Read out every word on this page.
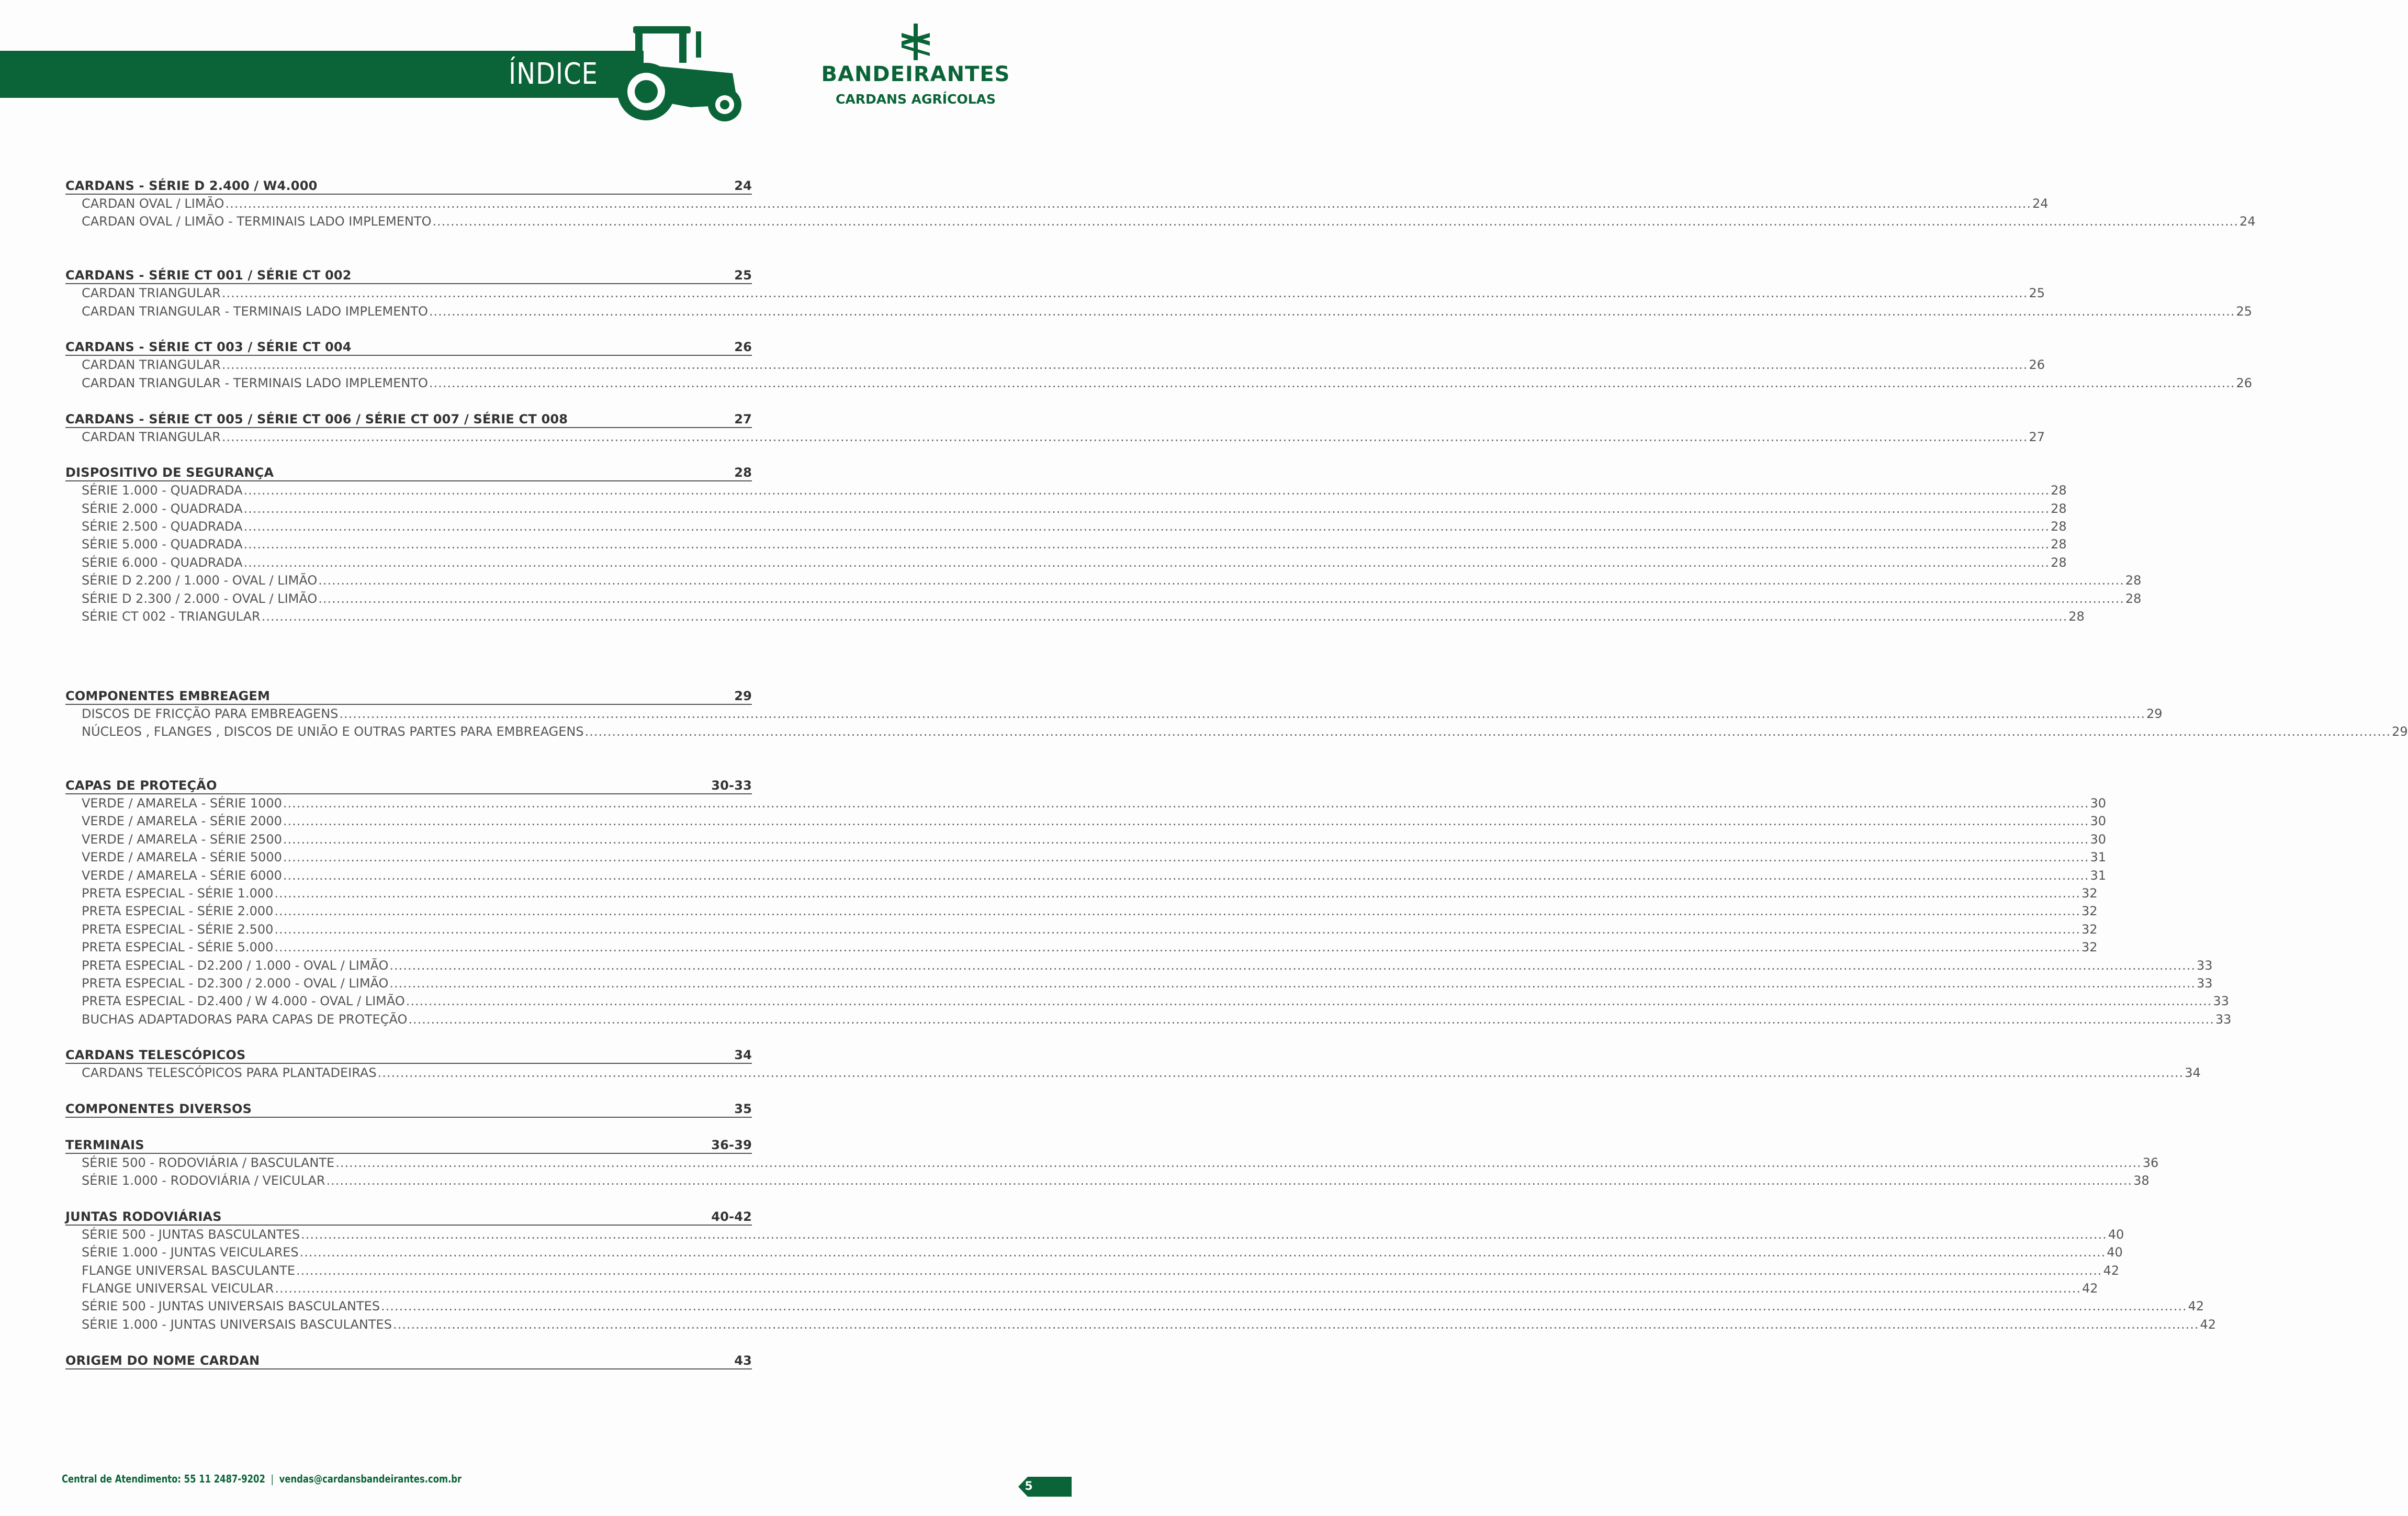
ÍNDICE	BANDEIRANTES
CARDANS AGRÍCOLAS
CARDANS - SÉRIE D 2.400 / W4.000	24
CARDAN OVAL / LIMÃO ................................................................................................................................................................................................................................................................................................................................................................................................................ 24
CARDAN OVAL / LIMÃO - TERMINAIS LADO IMPLEMENTO ................................................................................................................................................................................................................................................................................................................................................................................................................ 24
CARDANS - SÉRIE CT 001 / SÉRIE CT 002	25
CARDAN TRIANGULAR ................................................................................................................................................................................................................................................................................................................................................................................................................ 25
CARDAN TRIANGULAR - TERMINAIS LADO IMPLEMENTO ................................................................................................................................................................................................................................................................................................................................................................................................................ 25
CARDANS - SÉRIE CT 003 / SÉRIE CT 004	26
CARDAN TRIANGULAR ................................................................................................................................................................................................................................................................................................................................................................................................................ 26
CARDAN TRIANGULAR - TERMINAIS LADO IMPLEMENTO ................................................................................................................................................................................................................................................................................................................................................................................................................ 26
CARDANS - SÉRIE CT 005 / SÉRIE CT 006 / SÉRIE CT 007 / SÉRIE CT 008	27
CARDAN TRIANGULAR ................................................................................................................................................................................................................................................................................................................................................................................................................ 27
DISPOSITIVO DE SEGURANÇA	28
SÉRIE 1.000 - QUADRADA ................................................................................................................................................................................................................................................................................................................................................................................................................ 28
SÉRIE 2.000 - QUADRADA ................................................................................................................................................................................................................................................................................................................................................................................................................ 28
SÉRIE 2.500 - QUADRADA ................................................................................................................................................................................................................................................................................................................................................................................................................ 28
SÉRIE 5.000 - QUADRADA ................................................................................................................................................................................................................................................................................................................................................................................................................ 28
SÉRIE 6.000 - QUADRADA ................................................................................................................................................................................................................................................................................................................................................................................................................ 28
SÉRIE D 2.200 / 1.000 - OVAL / LIMÃO ................................................................................................................................................................................................................................................................................................................................................................................................................ 28
SÉRIE D 2.300 / 2.000 - OVAL / LIMÃO ................................................................................................................................................................................................................................................................................................................................................................................................................ 28
SÉRIE CT 002 - TRIANGULAR ................................................................................................................................................................................................................................................................................................................................................................................................................ 28
COMPONENTES EMBREAGEM	29
DISCOS DE FRICÇÃO PARA EMBREAGENS ................................................................................................................................................................................................................................................................................................................................................................................................................ 29
NÚCLEOS , FLANGES , DISCOS DE UNIÃO E OUTRAS PARTES PARA EMBREAGENS ................................................................................................................................................................................................................................................................................................................................................................................................................ 29
CAPAS DE PROTEÇÃO	30-33
VERDE / AMARELA - SÉRIE 1000 ................................................................................................................................................................................................................................................................................................................................................................................................................ 30
VERDE / AMARELA - SÉRIE 2000 ................................................................................................................................................................................................................................................................................................................................................................................................................ 30
VERDE / AMARELA - SÉRIE 2500 ................................................................................................................................................................................................................................................................................................................................................................................................................ 30
VERDE / AMARELA - SÉRIE 5000 ................................................................................................................................................................................................................................................................................................................................................................................................................ 31
VERDE / AMARELA - SÉRIE 6000 ................................................................................................................................................................................................................................................................................................................................................................................................................ 31
PRETA ESPECIAL - SÉRIE 1.000 ................................................................................................................................................................................................................................................................................................................................................................................................................ 32
PRETA ESPECIAL - SÉRIE 2.000 ................................................................................................................................................................................................................................................................................................................................................................................................................ 32
PRETA ESPECIAL - SÉRIE 2.500 ................................................................................................................................................................................................................................................................................................................................................................................................................ 32
PRETA ESPECIAL - SÉRIE 5.000 ................................................................................................................................................................................................................................................................................................................................................................................................................ 32
PRETA ESPECIAL - D2.200 / 1.000 - OVAL / LIMÃO ................................................................................................................................................................................................................................................................................................................................................................................................................ 33
PRETA ESPECIAL - D2.300 / 2.000 - OVAL / LIMÃO ................................................................................................................................................................................................................................................................................................................................................................................................................ 33
PRETA ESPECIAL - D2.400 / W 4.000 - OVAL / LIMÃO ................................................................................................................................................................................................................................................................................................................................................................................................................ 33
BUCHAS ADAPTADORAS PARA CAPAS DE PROTEÇÃO ................................................................................................................................................................................................................................................................................................................................................................................................................ 33
CARDANS TELESCÓPICOS	34
CARDANS TELESCÓPICOS PARA PLANTADEIRAS ................................................................................................................................................................................................................................................................................................................................................................................................................ 34
COMPONENTES DIVERSOS	35
TERMINAIS	36-39
SÉRIE 500 - RODOVIÁRIA / BASCULANTE ................................................................................................................................................................................................................................................................................................................................................................................................................ 36
SÉRIE 1.000 - RODOVIÁRIA / VEICULAR ................................................................................................................................................................................................................................................................................................................................................................................................................ 38
JUNTAS RODOVIÁRIAS	40-42
SÉRIE 500 - JUNTAS BASCULANTES ................................................................................................................................................................................................................................................................................................................................................................................................................ 40
SÉRIE 1.000 - JUNTAS VEICULARES ................................................................................................................................................................................................................................................................................................................................................................................................................ 40
FLANGE UNIVERSAL BASCULANTE ................................................................................................................................................................................................................................................................................................................................................................................................................ 42
FLANGE UNIVERSAL VEICULAR ................................................................................................................................................................................................................................................................................................................................................................................................................ 42
SÉRIE 500 - JUNTAS UNIVERSAIS BASCULANTES ................................................................................................................................................................................................................................................................................................................................................................................................................ 42
SÉRIE 1.000 - JUNTAS UNIVERSAIS BASCULANTES ................................................................................................................................................................................................................................................................................................................................................................................................................ 42
ORIGEM DO NOME CARDAN	43
Central de Atendimento: 55 11 2487-9202 | vendas@cardansbandeirantes.com.br
5
